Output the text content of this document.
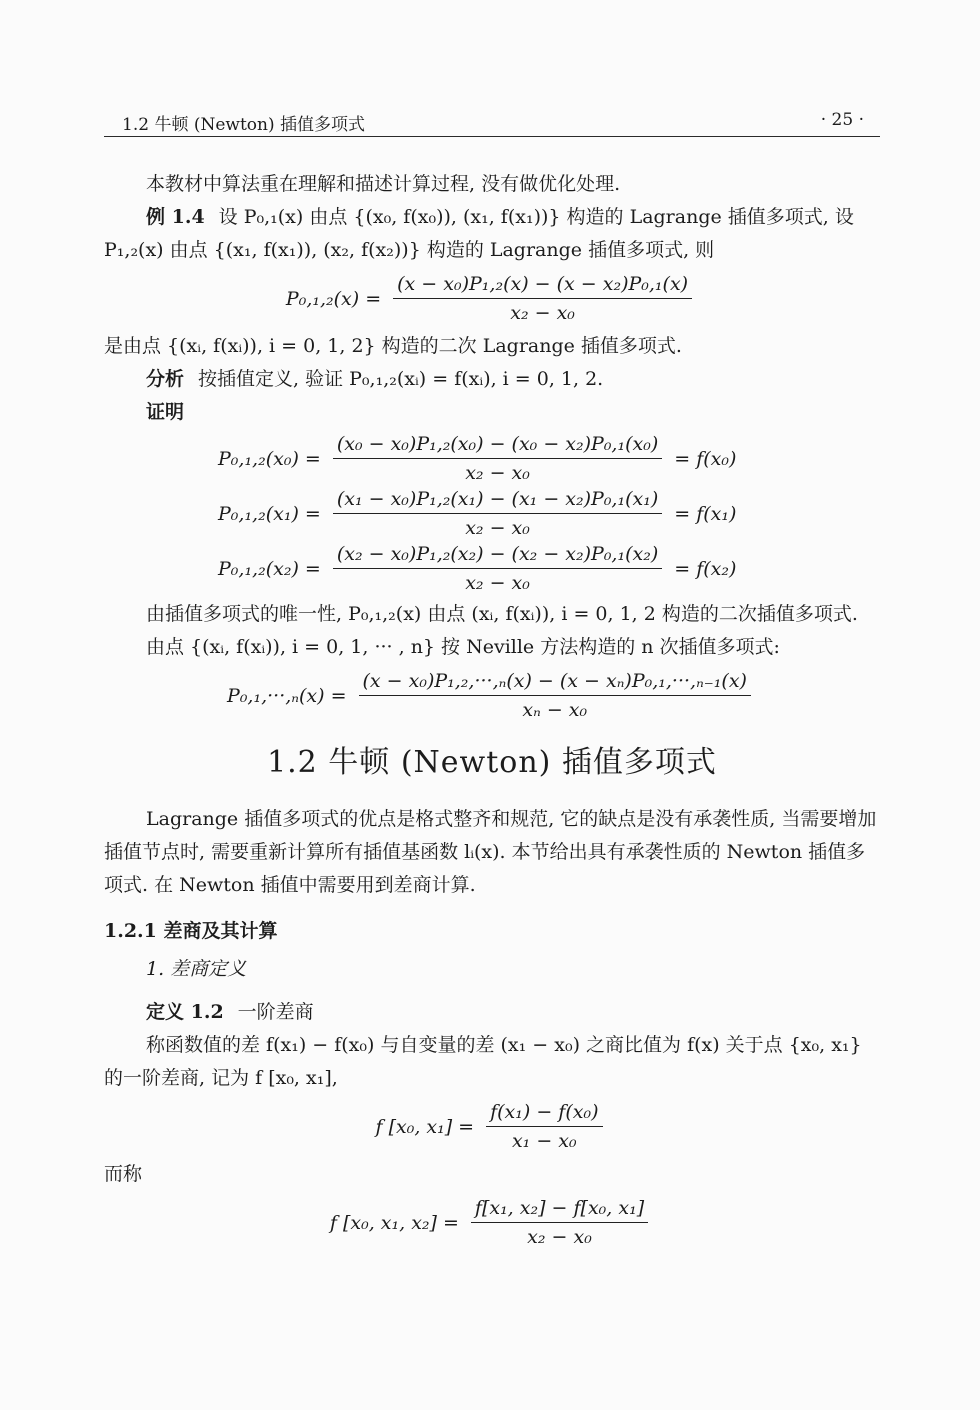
1.2 牛顿 (Newton) 插值多项式	· 25 ·

本教材中算法重在理解和描述计算过程, 没有做优化处理.

例 1.4 设 P₀,₁(x) 由点 {(x₀, f(x₀)), (x₁, f(x₁))} 构造的 Lagrange 插值多项式, 设 P₁,₂(x) 由点 {(x₁, f(x₁)), (x₂, f(x₂))} 构造的 Lagrange 插值多项式, 则

$P_0,_1,_2(x) = \frac{\text{(x − x₀)P₁,₂(x) − (x − x₂)P₀,₁(x)}}{\text{x₂ − x₀}}$

是由点 {(xᵢ, f(xᵢ)), i = 0, 1, 2} 构造的二次 Lagrange 插值多项式.

分析 按插值定义, 验证 P₀,₁,₂(xᵢ) = f(xᵢ), i = 0, 1, 2.

证明

$P_0,_1,_2(x_0) = \frac{\text{(x₀ − x₀)P₁,₂(x₀) − (x₀ − x₂)P₀,₁(x₀)}}{\text{x₂ − x₀}} = f(x_0)$
$P_0,_1,_2(x_1) = \frac{\text{(x₁ − x₀)P₁,₂(x₁) − (x₁ − x₂)P₀,₁(x₁)}}{\text{x₂ − x₀}} = f(x_1)$
$P_0,_1,_2(x_2) = \frac{\text{(x₂ − x₀)P₁,₂(x₂) − (x₂ − x₂)P₀,₁(x₂)}}{\text{x₂ − x₀}} = f(x_2)$

由插值多项式的唯一性, P₀,₁,₂(x) 由点 (xᵢ, f(xᵢ)), i = 0, 1, 2 构造的二次插值多项式.

由点 {(xᵢ, f(xᵢ)), i = 0, 1, ··· , n} 按 Neville 方法构造的 n 次插值多项式:

$P_0,_1,\cdot\cdot\cdot,_n(x) = \frac{\text{(x − x₀)P₁,₂,···,ₙ(x) − (x − xₙ)P₀,₁,···,ₙ₋₁(x)}}{\text{xₙ − x₀}}$
1.2 牛顿 (Newton) 插值多项式

Lagrange 插值多项式的优点是格式整齐和规范, 它的缺点是没有承袭性质, 当需要增加插值节点时, 需要重新计算所有插值基函数 lᵢ(x). 本节给出具有承袭性质的 Newton 插值多项式. 在 Newton 插值中需要用到差商计算.

1.2.1 差商及其计算

1. 差商定义

定义 1.2 一阶差商

称函数值的差 f(x₁) − f(x₀) 与自变量的差 (x₁ − x₀) 之商比值为 f(x) 关于点 {x₀, x₁} 的一阶差商, 记为 f [x₀, x₁],

f [x₀, $x_1] = \frac{\text{f(x₁) − f(x₀)}}{\text{x₁ − x₀}}$

而称

f [x₀, x₁, $x_2] = \frac{\text{f[x₁, x₂] − f[x₀, x₁]}}{\text{x₂ − x₀}}$
